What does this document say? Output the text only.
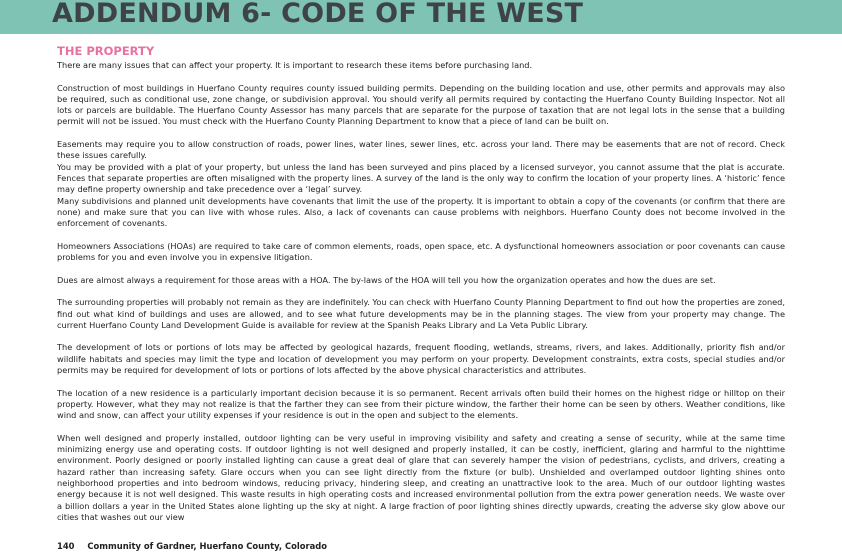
ADDENDUM 6- CODE OF THE WEST
THE PROPERTY

There are many issues that can affect your property. It is important to research these items before purchasing land.

Construction of most buildings in Huerfano County requires county issued building permits. Depending on the building location and use, other permits and approvals may also be required, such as conditional use, zone change, or subdivision approval. You should verify all permits required by contacting the Huerfano County Building Inspector. Not all lots or parcels are buildable. The Huerfano County Assessor has many parcels that are separate for the purpose of taxation that are not legal lots in the sense that a building permit will not be issued. You must check with the Huerfano County Planning Department to know that a piece of land can be built on.

Easements may require you to allow construction of roads, power lines, water lines, sewer lines, etc. across your land. There may be easements that are not of record. Check these issues carefully.

You may be provided with a plat of your property, but unless the land has been surveyed and pins placed by a licensed surveyor, you cannot assume that the plat is accurate. Fences that separate properties are often misaligned with the property lines. A survey of the land is the only way to confirm the location of your property lines. A ‘historic’ fence may define property ownership and take precedence over a ‘legal’ survey.

Many subdivisions and planned unit developments have covenants that limit the use of the property. It is important to obtain a copy of the covenants (or confirm that there are none) and make sure that you can live with whose rules. Also, a lack of covenants can cause problems with neighbors. Huerfano County does not become involved in the enforcement of covenants.

Homeowners Associations (HOAs) are required to take care of common elements, roads, open space, etc. A dysfunctional homeowners association or poor covenants can cause problems for you and even involve you in expensive litigation.

Dues are almost always a requirement for those areas with a HOA. The by-laws of the HOA will tell you how the organization operates and how the dues are set.

The surrounding properties will probably not remain as they are indefinitely. You can check with Huerfano County Planning Department to find out how the properties are zoned, find out what kind of buildings and uses are allowed, and to see what future developments may be in the planning stages. The view from your property may change. The current Huerfano County Land Development Guide is available for review at the Spanish Peaks Library and La Veta Public Library.

The development of lots or portions of lots may be affected by geological hazards, frequent flooding, wetlands, streams, rivers, and lakes. Additionally, priority fish and/or wildlife habitats and species may limit the type and location of development you may perform on your property. Development constraints, extra costs, special studies and/or permits may be required for development of lots or portions of lots affected by the above physical characteristics and attributes.

The location of a new residence is a particularly important decision because it is so permanent. Recent arrivals often build their homes on the highest ridge or hilltop on their property. However, what they may not realize is that the farther they can see from their picture window, the farther their home can be seen by others. Weather conditions, like wind and snow, can affect your utility expenses if your residence is out in the open and subject to the elements.

When well designed and properly installed, outdoor lighting can be very useful in improving visibility and safety and creating a sense of security, while at the same time minimizing energy use and operating costs. If outdoor lighting is not well designed and properly installed, it can be costly, inefficient, glaring and harmful to the nighttime environment. Poorly designed or poorly installed lighting can cause a great deal of glare that can severely hamper the vision of pedestrians, cyclists, and drivers, creating a hazard rather than increasing safety. Glare occurs when you can see light directly from the fixture (or bulb). Unshielded and overlamped outdoor lighting shines onto neighborhood properties and into bedroom windows, reducing privacy, hindering sleep, and creating an unattractive look to the area. Much of our outdoor lighting wastes energy because it is not well designed. This waste results in high operating costs and increased environmental pollution from the extra power generation needs. We waste over a billion dollars a year in the United States alone lighting up the sky at night. A large fraction of poor lighting shines directly upwards, creating the adverse sky glow above our cities that washes out our view

140 Community of Gardner, Huerfano County, Colorado
